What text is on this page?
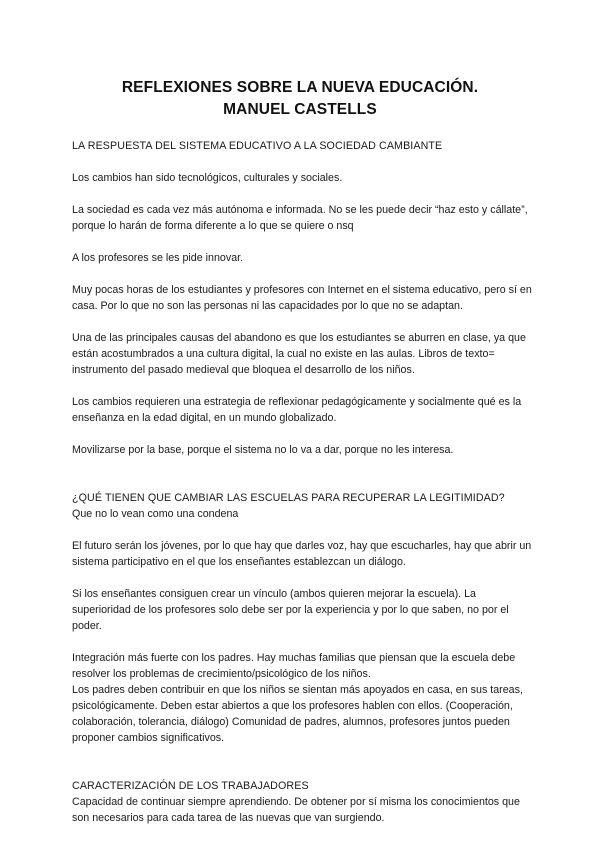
REFLEXIONES SOBRE LA NUEVA EDUCACIÓN.
MANUEL CASTELLS

LA RESPUESTA DEL SISTEMA EDUCATIVO A LA SOCIEDAD CAMBIANTE

Los cambios han sido tecnológicos, culturales y sociales.

La sociedad es cada vez más autónoma e informada. No se les puede decir “haz esto y cállate”, porque lo harán de forma diferente a lo que se quiere o nsq

A los profesores se les pide innovar.

Muy pocas horas de los estudiantes y profesores con Internet en el sistema educativo, pero sí en casa. Por lo que no son las personas ni las capacidades por lo que no se adaptan.

Una de las principales causas del abandono es que los estudiantes se aburren en clase, ya que están acostumbrados a una cultura digital, la cual no existe en las aulas. Libros de texto= instrumento del pasado medieval que bloquea el desarrollo de los niños.

Los cambios requieren una estrategia de reflexionar pedagógicamente y socialmente qué es la enseñanza en la edad digital, en un mundo globalizado.

Movilizarse por la base, porque el sistema no lo va a dar, porque no les interesa.

¿QUÉ TIENEN QUE CAMBIAR LAS ESCUELAS PARA RECUPERAR LA LEGITIMIDAD?

Que no lo vean como una condena

El futuro serán los jóvenes, por lo que hay que darles voz, hay que escucharles, hay que abrir un sistema participativo en el que los enseñantes establezcan un diálogo.

Si los enseñantes consiguen crear un vínculo (ambos quieren mejorar la escuela). La superioridad de los profesores solo debe ser por la experiencia y por lo que saben, no por el poder.

Integración más fuerte con los padres. Hay muchas familias que piensan que la escuela debe resolver los problemas de crecimiento/psicológico de los niños.

Los padres deben contribuir en que los niños se sientan más apoyados en casa, en sus tareas, psicológicamente. Deben estar abiertos a que los profesores hablen con ellos. (Cooperación, colaboración, tolerancia, diálogo) Comunidad de padres, alumnos, profesores juntos pueden proponer cambios significativos.

CARACTERIZACIÓN DE LOS TRABAJADORES

Capacidad de continuar siempre aprendiendo. De obtener por sí misma los conocimientos que son necesarios para cada tarea de las nuevas que van surgiendo.
